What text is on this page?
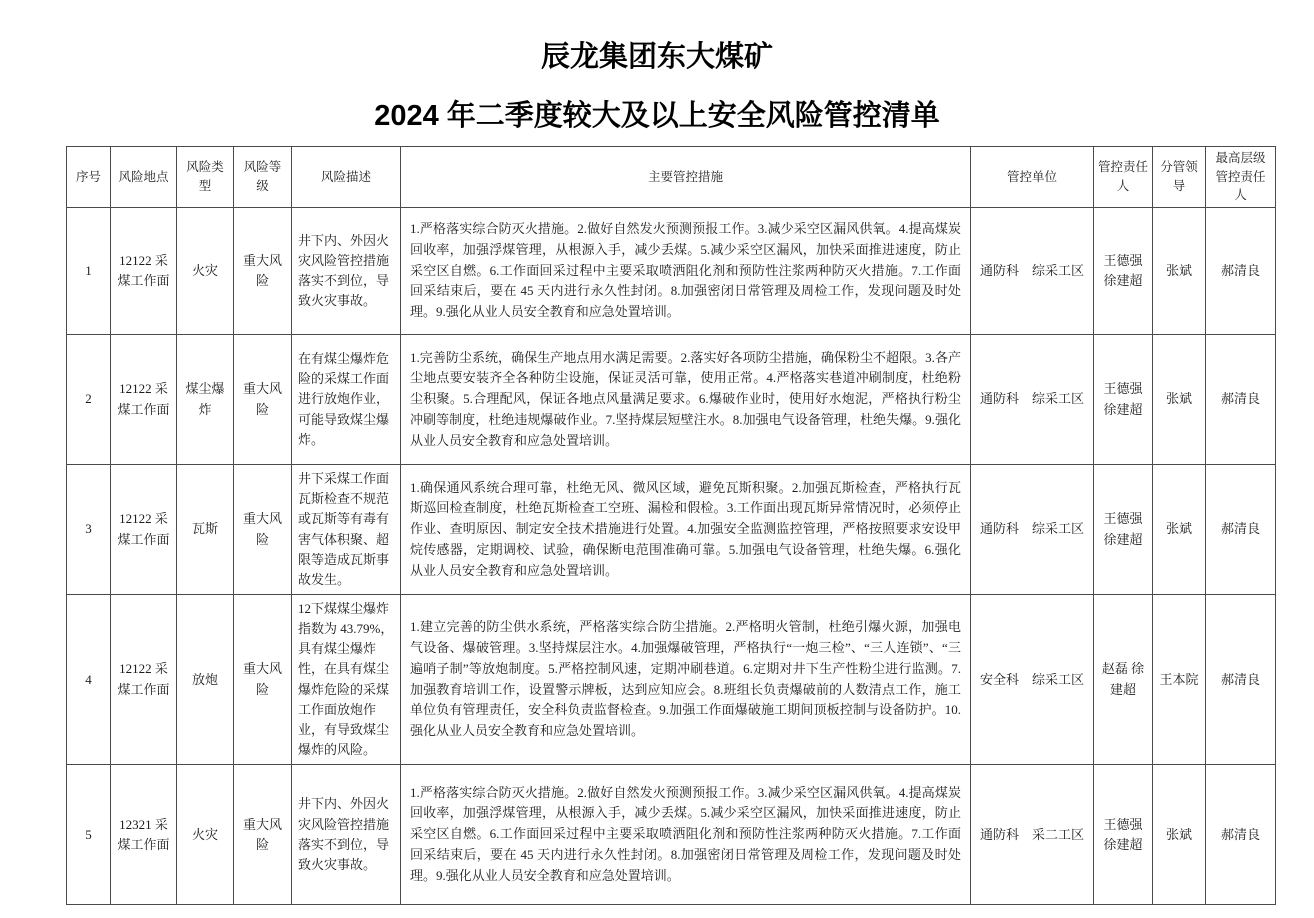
辰龙集团东大煤矿
2024 年二季度较大及以上安全风险管控清单
序号	风险地点	风险类型	风险等级	风险描述	主要管控措施	管控单位	管控责任人	分管领导	最高层级管控责任人
1	12122 采煤工作面	火灾	重大风险	井下内、外因火灾风险管控措施落实不到位，导致火灾事故。	1.严格落实综合防灭火措施。2.做好自然发火预测预报工作。3.减少采空区漏风供氧。4.提高煤炭回收率，加强浮煤管理，从根源入手，减少丢煤。5.减少采空区漏风，加快采面推进速度，防止采空区自燃。6.工作面回采过程中主要采取喷洒阻化剂和预防性注浆两种防灭火措施。7.工作面回采结束后，要在 45 天内进行永久性封闭。8.加强密闭日常管理及周检工作，发现问题及时处理。9.强化从业人员安全教育和应急处置培训。	通防科　综采工区	王德强 徐建超	张斌	郝清良
2	12122 采煤工作面	煤尘爆炸	重大风险	在有煤尘爆炸危险的采煤工作面进行放炮作业，可能导致煤尘爆炸。	1.完善防尘系统，确保生产地点用水满足需要。2.落实好各项防尘措施，确保粉尘不超限。3.各产尘地点要安装齐全各种防尘设施，保证灵活可靠，使用正常。4.严格落实巷道冲刷制度，杜绝粉尘积聚。5.合理配风，保证各地点风量满足要求。6.爆破作业时，使用好水炮泥，严格执行粉尘冲刷等制度，杜绝违规爆破作业。7.坚持煤层短壁注水。8.加强电气设备管理，杜绝失爆。9.强化从业人员安全教育和应急处置培训。	通防科　综采工区	王德强 徐建超	张斌	郝清良
3	12122 采煤工作面	瓦斯	重大风险	井下采煤工作面瓦斯检查不规范或瓦斯等有毒有害气体积聚、超限等造成瓦斯事故发生。	1.确保通风系统合理可靠，杜绝无风、微风区域，避免瓦斯积聚。2.加强瓦斯检查，严格执行瓦斯巡回检查制度，杜绝瓦斯检查工空班、漏检和假检。3.工作面出现瓦斯异常情况时，必须停止作业、查明原因、制定安全技术措施进行处置。4.加强安全监测监控管理，严格按照要求安设甲烷传感器，定期调校、试验，确保断电范围准确可靠。5.加强电气设备管理，杜绝失爆。6.强化从业人员安全教育和应急处置培训。	通防科　综采工区	王德强 徐建超	张斌	郝清良
4	12122 采煤工作面	放炮	重大风险	12下煤煤尘爆炸指数为 43.79%，具有煤尘爆炸性，在具有煤尘爆炸危险的采煤工作面放炮作业，有导致煤尘爆炸的风险。	1.建立完善的防尘供水系统，严格落实综合防尘措施。2.严格明火管制，杜绝引爆火源，加强电气设备、爆破管理。3.坚持煤层注水。4.加强爆破管理，严格执行“一炮三检”、“三人连锁”、“三遍哨子制”等放炮制度。5.严格控制风速，定期冲刷巷道。6.定期对井下生产性粉尘进行监测。7.加强教育培训工作，设置警示牌板，达到应知应会。8.班组长负责爆破前的人数清点工作，施工单位负有管理责任，安全科负责监督检查。9.加强工作面爆破施工期间顶板控制与设备防护。10.强化从业人员安全教育和应急处置培训。	安全科　综采工区	赵磊 徐建超	王本院	郝清良
5	12321 采煤工作面	火灾	重大风险	井下内、外因火灾风险管控措施落实不到位，导致火灾事故。	1.严格落实综合防灭火措施。2.做好自然发火预测预报工作。3.减少采空区漏风供氧。4.提高煤炭回收率，加强浮煤管理，从根源入手，减少丢煤。5.减少采空区漏风，加快采面推进速度，防止采空区自燃。6.工作面回采过程中主要采取喷洒阻化剂和预防性注浆两种防灭火措施。7.工作面回采结束后，要在 45 天内进行永久性封闭。8.加强密闭日常管理及周检工作，发现问题及时处理。9.强化从业人员安全教育和应急处置培训。	通防科　采二工区	王德强 徐建超	张斌	郝清良
